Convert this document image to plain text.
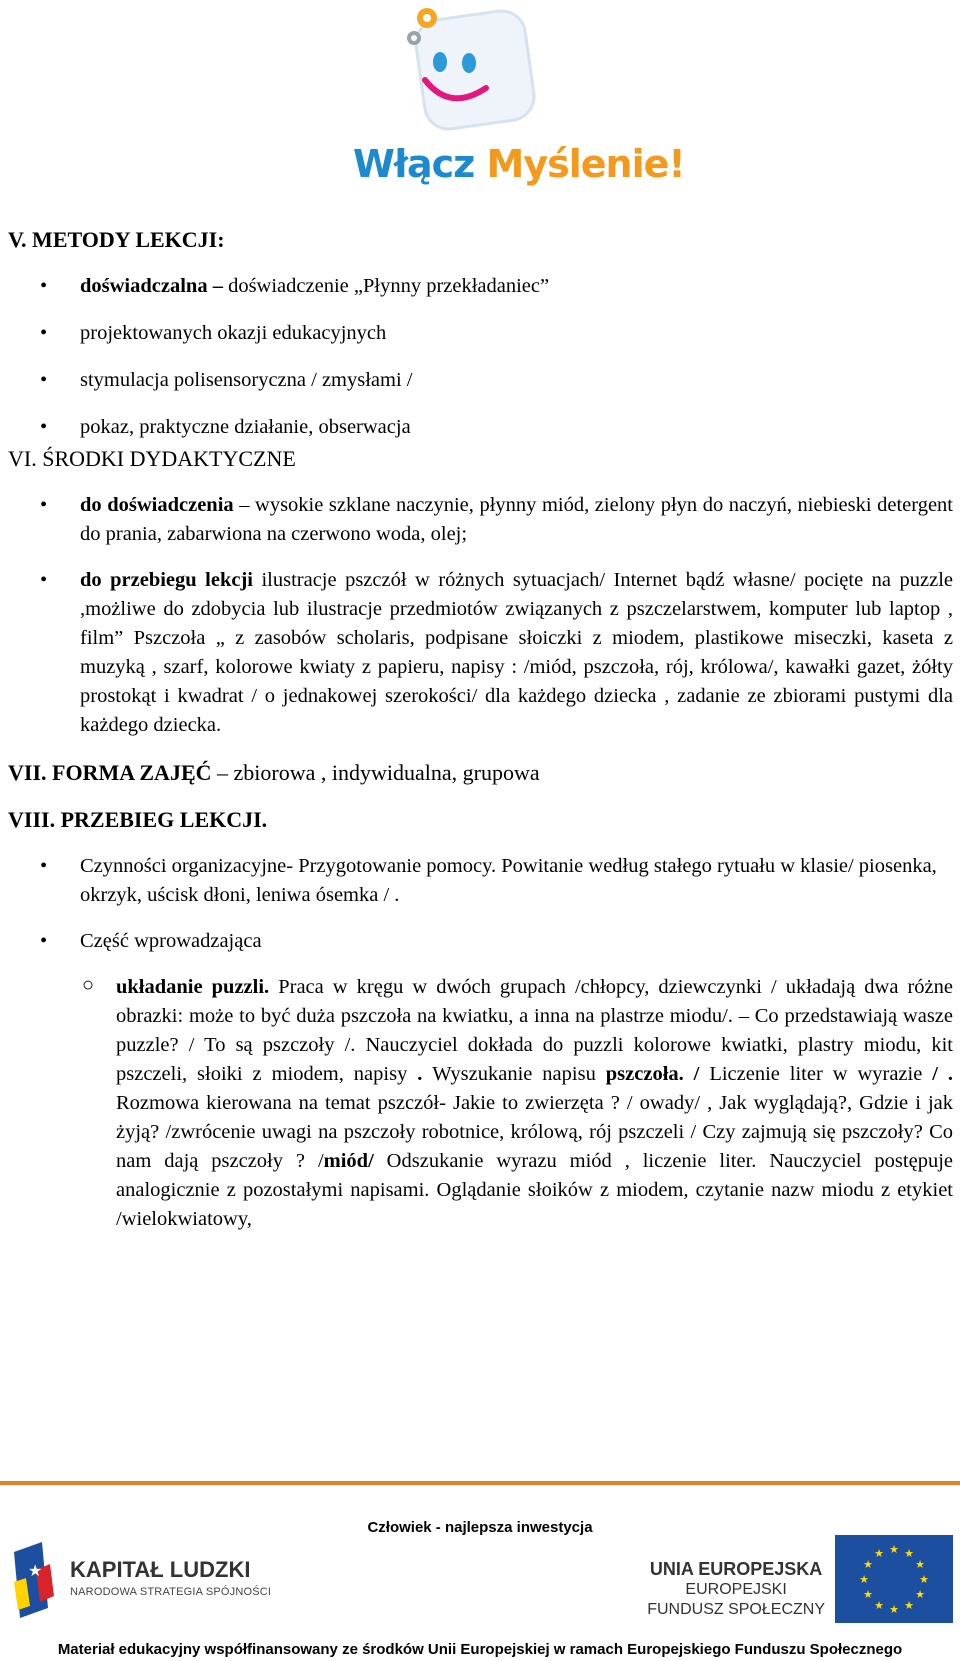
Włącz Myślenie!
V. METODY LEKCJI:
• doświadczalna – doświadczenie „Płynny przekładaniec”
• projektowanych okazji edukacyjnych
• stymulacja polisensoryczna / zmysłami /
• pokaz, praktyczne działanie, obserwacja
VI. ŚRODKI DYDAKTYCZNE
• do doświadczenia – wysokie szklane naczynie, płynny miód, zielony płyn do naczyń, niebieski detergent do prania, zabarwiona na czerwono woda, olej;
• do przebiegu lekcji ilustracje pszczół w różnych sytuacjach/ Internet bądź własne/ pocięte na puzzle ,możliwe do zdobycia lub ilustracje przedmiotów związanych z pszczelarstwem, komputer lub laptop , film” Pszczoła „ z zasobów scholaris, podpisane słoiczki z miodem, plastikowe miseczki, kaseta z muzyką , szarf, kolorowe kwiaty z papieru, napisy : /miód, pszczoła, rój, królowa/, kawałki gazet, żółty prostokąt i kwadrat / o jednakowej szerokości/ dla każdego dziecka , zadanie ze zbiorami pustymi dla każdego dziecka.
VII. FORMA ZAJĘĆ – zbiorowa , indywidualna, grupowa
VIII. PRZEBIEG LEKCJI.
• Czynności organizacyjne- Przygotowanie pomocy. Powitanie według stałego rytuału w klasie/ piosenka, okrzyk, uścisk dłoni, leniwa ósemka / .
• Część wprowadzająca
○ układanie puzzli. Praca w kręgu w dwóch grupach /chłopcy, dziewczynki / układają dwa różne obrazki: może to być duża pszczoła na kwiatku, a inna na plastrze miodu/. – Co przedstawiają wasze puzzle? / To są pszczoły /. Nauczyciel dokłada do puzzli kolorowe kwiatki, plastry miodu, kit pszczeli, słoiki z miodem, napisy . Wyszukanie napisu pszczoła. / Liczenie liter w wyrazie / . Rozmowa kierowana na temat pszczół- Jakie to zwierzęta ? / owady/ , Jak wyglądają?, Gdzie i jak żyją? /zwrócenie uwagi na pszczoły robotnice, królową, rój pszczeli / Czy zajmują się pszczoły? Co nam dają pszczoły ? /miód/ Odszukanie wyrazu miód , liczenie liter. Nauczyciel postępuje analogicznie z pozostałymi napisami. Oglądanie słoików z miodem, czytanie nazw miodu z etykiet /wielokwiatowy,
Człowiek - najlepsza inwestycja
★ KAPITAŁ LUDZKI
NARODOWA STRATEGIA SPÓJNOŚCI
UNIA EUROPEJSKA
EUROPEJSKI
FUNDUSZ SPOŁECZNY
★
★
★
★
★
★
★
★
★ ★ ★
★
Materiał edukacyjny współfinansowany ze środków Unii Europejskiej w ramach Europejskiego Funduszu Społecznego
